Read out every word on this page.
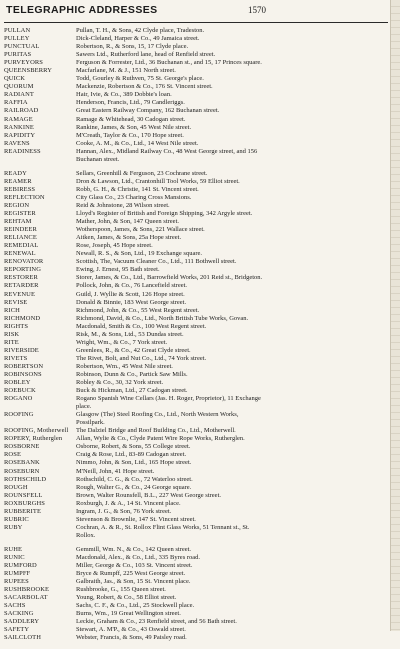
TELEGRAPHIC ADDRESSES	1570
PULLAN	Pullan, T. H., & Sons, 42 Clyde place, Tradeston.
PULLEY	Dick-Cleland, Harper & Co., 49 Jamaica street.
PUNCTUAL	Robertson, R., & Sons, 15, 17 Clyde place.
PURITAS	Sawers Ltd., Rutherford lane, head of Renfield street.
PURVEYORS	Ferguson & Forrester, Ltd., 36 Buchanan st., and 15, 17 Princes square.
QUEENSBERRY	Macfarlane, M. & J., 151 North street.
QUICK	Todd, Gourley & Ruthven, 75 St. George's place.
QUORUM	Mackenzie, Robertson & Co., 176 St. Vincent street.
RADIANT	Hair, Ivie, & Co., 389 Dobbie's loan.
RAFFIA	Henderson, Francis, Ltd., 79 Candleriggs.
RAILROAD	Great Eastern Railway Company, 162 Buchanan street.
RAMAGE	Ramage & Whitehead, 30 Cadogan street.
RANKINE	Rankine, James, & Son, 45 West Nile street.
RAPIDITY	M'Creath, Taylor & Co., 170 Hope street.
RAVENS	Cooke, A. M., & Co., Ltd., 14 West Nile street.
READINESS	Hannan, Alex., Midland Railway Co., 48 West George street, and 156
Buchanan street.
READY	Sellars, Greenhill & Ferguson, 23 Cochrane street.
REAMER	Dron & Lawson, Ltd., Crantonhill Tool Works, 59 Elliot street.
REBIRESS	Robb, G. H., & Christie, 141 St. Vincent street.
REFLECTION	City Glass Co., 23 Charing Cross Mansions.
REGION	Reid & Johnstone, 28 Wilson street.
REGISTER	Lloyd's Register of British and Foreign Shipping, 342 Argyle street.
REHTAM	Mather, John, & Son, 147 Queen street.
REINDEER	Wotherspoon, James, & Sons, 221 Wallace street.
RELIANCE	Aitken, James, & Sons, 25a Hope street.
REMEDIAL	Rose, Joseph, 45 Hope street.
RENEWAL	Newall, R. S., & Son, Ltd., 19 Exchange square.
RENOVATOR	Scottish, The, Vacuum Cleaner Co., Ltd., 111 Bothwell street.
REPORTING	Ewing, J. Ernest, 95 Bath street.
RESTORER	Storer, James, & Co., Ltd., Barrowfield Works, 201 Reid st., Bridgeton.
RETARDER	Pollock, John, & Co., 76 Lancefield street.
REVENUE	Guild, J. Wyllie & Scott, 126 Hope street.
REVISE	Donald & Binnie, 183 West George street.
RICH	Richmond, John, & Co., 55 West Regent street.
RICHMOND	Richmond, David, & Co., Ltd., North British Tube Works, Govan.
RIGHTS	Macdonald, Smith & Co., 100 West Regent street.
RISK	Risk, M., & Sons, Ltd., 53 Dundas street.
RITE	Wright, Wm., & Co., 7 York street.
RIVERSIDE	Greenlees, R., & Co., 42 Great Clyde street.
RIVETS	The Rivet, Bolt, and Nut Co., Ltd., 74 York street.
ROBERTSON	Robertson, Wm., 45 West Nile street.
ROBINSONS	Robinson, Dunn & Co., Partick Saw Mills.
ROBLEY	Robley & Co., 30, 32 York street.
ROEBUCK	Buck & Hickman, Ltd., 27 Cadogan street.
ROGANO	Rogano Spanish Wine Cellars (Jas. H. Roger, Proprietor), 11 Exchange
place.
ROOFING	Glasgow (The) Steel Roofing Co., Ltd., North Western Works,
Possilpark.
ROOFING, Motherwell The Dalziel Bridge and Roof Building Co., Ltd., Motherwell.
ROPERY, Rutherglen Allan, Wylie & Co., Clyde Patent Wire Rope Works, Rutherglen.
ROSBORNE	Osborne, Robert, & Sons, 55 College street.
ROSE	Craig & Rose, Ltd., 83-89 Cadogan street.
ROSEBANK	Nimmo, John, & Son, Ltd., 165 Hope street.
ROSEBURN	M'Neill, John, 41 Hope street.
ROTHSCHILD	Rothschild, C. G., & Co., 72 Waterloo street.
ROUGH	Rough, Walter G., & Co., 24 George square.
ROUNSFELL	Brown, Walter Rounsfell, B.L., 227 West George street.
ROXBURGHS	Roxburgh, J. & A., 14 St. Vincent place.
RUBBERITE	Ingram, J. G., & Son, 76 York street.
RUBRIC	Stevenson & Brownlie, 147 St. Vincent street.
RUBY	Cochran, A. & R., St. Rollox Flint Glass Works, 51 Tennant st., St.
Rollox.
RUHE	Gemmill, Wm. N., & Co., 142 Queen street.
RUNIC	Macdonald, Alex., & Co., Ltd., 335 Byres road.
RUMFORD	Miller, George & Co., 103 St. Vincent street.
RUMPFF	Bryce & Rumpff, 225 West George street.
RUPEES	Galbraith, Jas., & Son, 15 St. Vincent place.
RUSHBROOKE	Rushbrooke, G., 155 Queen street.
SACARBOLAT	Young, Robert, & Co., 58 Elliot street.
SACHS	Sachs, C. F., & Co., Ltd., 25 Stockwell place.
SACKING	Burns, Wm., 19 Great Wellington street.
SADDLERY	Leckie, Graham & Co., 23 Renfield street, and 56 Bath street.
SAFETY	Stewart, A. M'P., & Co., 43 Oswald street.
SAILCLOTH	Webster, Francis, & Sons, 49 Paisley road.
